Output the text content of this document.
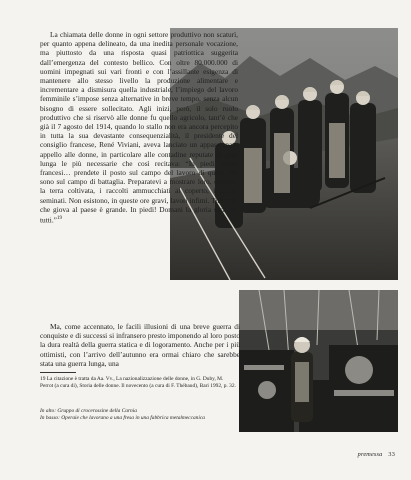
La chiamata delle donne in ogni settore produttivo non scaturì, per quanto appena delineato, da una inedita personale vocazione, ma piuttosto da una risposta quasi patriottica suggerita dall’emergenza del contesto bellico. Con oltre 80.000.000 di uomini impegnati sui vari fronti e con l’assillante esigenza di mantenere allo stesso livello la produzione alimentare e incrementare a dismisura quella industriale, l’impiego del lavoro femminile s’impose senza alternative in breve tempo, senza alcun bisogno di essere sollecitato. Agli inizi, però, il solo ruolo produttivo che si riservò alle donne fu quello agricolo, tant’è che già il 7 agosto del 1914, quando lo stallo non era ancora percepito in tutta la sua devastante consequenzialità, il presidente del consiglio francese, René Viviani, aveva lanciato un appassionato appello alle donne, in particolare alle contadine reputate di gran lunga le più necessarie che così recitava: “In piedi donne francesi… prendete il posto sul campo del lavoro di quelli che sono sul campo di battaglia. Preparatevi a mostrare loro, domani, la terra coltivata, i raccolti ammucchiati al coperto, i campi seminati. Non esistono, in queste ore gravi, lavori infimi. Tutto ciò che giova al paese è grande. In piedi! Domani la gloria sarà per tutti.”$^{19}$

Ma, come accennato, le facili illusioni di una breve guerra di conquiste e di successi si infransero presto imponendo al loro posto la dura realtà della guerra statica e di logoramento. Anche per i più ottimisti, con l’arrivo dell’autunno era ormai chiaro che sarebbe stata una guerra lunga, una

19 La citazione è tratta da Aa. Vv., La nazionalizzazione delle donne, in G. Duby, M. Perrot (a cura di), Storia delle donne. Il novecento (a cura di F. Thébaud), Bari 1992, p. 32.

In alto: Gruppo di crocerossine della Carnia

In basso: Operaie che lavorano a una fresa in una fabbrica metalmeccanica

premessa 33
